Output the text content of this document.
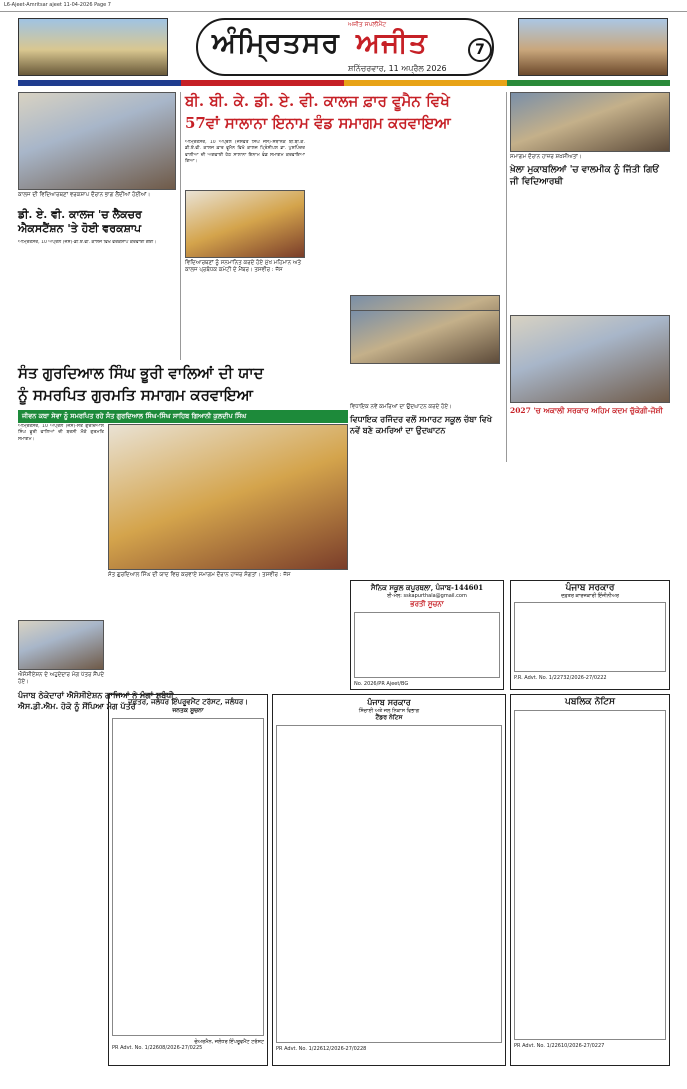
L6-Ajeet-Amritsar ajeet 11-04-2026 Page 7
ਅੰਮ੍ਰਿਤਸਰ
ਅਜੀਤ ਸਪਲੀਮੈਂਟ
ਅਜੀਤ
ਸ਼ਨਿੱਚਰਵਾਰ, 11 ਅਪ੍ਰੈਲ 2026
7
ਕਾਲਜ ਦੀ ਵਿਦਿਆਰਥਣਾਂ ਵਰਕਸ਼ਾਪ ਦੌਰਾਨ ਭਾਗ ਲੈਂਦੀਆਂ ਹੋਈਆਂ।
ਡੀ. ਏ. ਵੀ. ਕਾਲਜ 'ਚ ਲੈਕਚਰ ਐਕਸਟੈਂਸ਼ਨ 'ਤੇ ਹੋਈ ਵਰਕਸ਼ਾਪ
ਅੰਮ੍ਰਿਤਸਰ, 10 ਅਪ੍ਰੈਲ (ਜੱਸ)-ਡੀ.ਏ.ਵੀ. ਕਾਲਜ ਵਿਖੇ ਵਰਕਸ਼ਾਪ ਕਰਵਾਈ ਗਈ।
ਬੀ. ਬੀ. ਕੇ. ਡੀ. ਏ. ਵੀ. ਕਾਲਜ ਫ਼ਾਰ ਵੂਮੈਨ ਵਿਖੇ
57ਵਾਂ ਸਾਲਾਨਾ ਇਨਾਮ ਵੰਡ ਸਮਾਗਮ ਕਰਵਾਇਆ
ਅੰਮ੍ਰਿਤਸਰ, 10 ਅਪ੍ਰੈਲ (ਜਸਵੰਤ ਸਿੰਘ ਜੱਸ)-ਸਥਾਨਕ ਬੀ.ਬੀ.ਕੇ. ਡੀ.ਏ.ਵੀ. ਕਾਲਜ ਫ਼ਾਰ ਵੂਮੈਨ ਵਿਖੇ ਕਾਲਜ ਪ੍ਰਿੰਸੀਪਲ ਡਾ. ਪੁਸ਼ਪਿੰਦਰ ਵਾਲੀਆ ਦੀ ਅਗਵਾਈ ਹੇਠ ਸਾਲਾਨਾ ਇਨਾਮ ਵੰਡ ਸਮਾਗਮ ਕਰਵਾਇਆ ਗਿਆ।
ਵਿਦਿਆਰਥਣਾਂ ਨੂੰ ਸਨਮਾਨਿਤ ਕਰਦੇ ਹੋਏ ਮੁੱਖ ਮਹਿਮਾਨ ਅਤੇ ਕਾਲਜ ਪ੍ਰਬੰਧਕ ਕਮੇਟੀ ਦੇ ਮੈਂਬਰ। ਤਸਵੀਰ : ਜੱਸ
ਸਮਾਗਮ ਦੌਰਾਨ ਹਾਜ਼ਰ ਸ਼ਖ਼ਸੀਅਤਾਂ।
ਖ਼ੇਲਾ ਮੁਕਾਬਲਿਆਂ 'ਚ ਵਾਲਮੀਕ ਨੂੰ ਜਿੱਤੀ ਗਿਓਂ ਜੀ ਵਿਦਿਆਰਥੀ
2027 'ਚ ਅਕਾਲੀ ਸਰਕਾਰ ਅਹਿਮ ਕਦਮ ਚੁੱਕੇਗੀ-ਜੋਸ਼ੀ
ਸੰਤ ਗੁਰਦਿਆਲ ਸਿੰਘ ਭੂਰੀ ਵਾਲਿਆਂ ਦੀ ਯਾਦ
ਨੂੰ ਸਮਰਪਿਤ ਗੁਰਮਤਿ ਸਮਾਗਮ ਕਰਵਾਇਆ
ਜੀਵਨ ਕਥਾ ਸੇਵਾ ਨੂੰ ਸਮਰਪਿਤ ਰਹੇ ਸੰਤ ਗੁਰਦਿਆਲ ਸਿੰਘ-ਸਿੰਘ ਸਾਹਿਬ ਗਿਆਨੀ ਕੁਲਦੀਪ ਸਿੰਘ
ਅੰਮ੍ਰਿਤਸਰ, 10 ਅਪ੍ਰੈਲ (ਜੱਸ)-ਸੰਤ ਗੁਰਦਿਆਲ ਸਿੰਘ ਭੂਰੀ ਵਾਲਿਆਂ ਦੀ ਬਰਸੀ ਮੌਕੇ ਗੁਰਮਤਿ ਸਮਾਗਮ।
ਸੰਤ ਗੁਰਦਿਆਲ ਸਿੰਘ ਦੀ ਯਾਦ ਵਿਚ ਕਰਵਾਏ ਸਮਾਗਮ ਦੌਰਾਨ ਹਾਜ਼ਰ ਸੰਗਤਾਂ। ਤਸਵੀਰ : ਜੱਸ
ਵਿਧਾਇਕ ਨਵੇਂ ਕਮਰਿਆਂ ਦਾ ਉਦਘਾਟਨ ਕਰਦੇ ਹੋਏ।
ਵਿਧਾਇਕ ਰਜਿੰਦਰ ਵਲੋਂ ਸਮਾਰਟ ਸਕੂਲ ਚੱਬਾ ਵਿਖੇ ਨਵੇਂ ਬਣੇ ਕਮਰਿਆਂ ਦਾ ਉਦਘਾਟਨ
ਐਸੋਸੀਏਸ਼ਨ ਦੇ ਅਹੁਦੇਦਾਰ ਮੰਗ ਪੱਤਰ ਸੌਂਪਦੇ ਹੋਏ।
ਪੰਜਾਬ ਠੇਕੇਦਾਰਾਂ ਐਸੋਸੀਏਸ਼ਨ ਗਾਜਿਆਂ ਨੇ ਮੰਗਾਂ ਸਬੰਧੀ ਐਸ.ਡੀ.ਐਮ. ਹੋਕੋ ਨੂੰ ਸੌਂਪਿਆ ਮੰਗ ਪੱਤਰ
ਸੈਨਿਕ ਸਕੂਲ ਕਪੂਰਥਲਾ, ਪੰਜਾਬ-144601
ਈ-ਮੇਲ: sskapurthala@gmail.com
ਭਰਤੀ ਸੂਚਨਾ
No. 2026/PR Ajeet/BG
ਪੰਜਾਬ ਸਰਕਾਰ
ਦਫ਼ਤਰ ਕਾਰਜਕਾਰੀ ਇੰਜੀਨੀਅਰ
P.R. Advt. No. 1/22732/2026-27/0222
ਪਬਲਿਕ ਨੋਟਿਸ
PR Advt. No. 1/22610/2026-27/0227
ਦਫ਼ਤਰ, ਜਲੰਧਰ ਇੰਪਰੂਵਮੈਂਟ ਟਰੱਸਟ, ਜਲੰਧਰ।
ਜਨਤਕ ਸੂਚਨਾ
ਚੇਅਰਮੈਨ, ਜਲੰਧਰ ਇੰਪਰੂਵਮੈਂਟ ਟਰੱਸਟ
PR Advt. No. 1/22608/2026-27/0225
ਪੰਜਾਬ ਸਰਕਾਰ
ਸਿੰਚਾਈ ਅਤੇ ਜਲ ਨਿਕਾਸ ਵਿਭਾਗ
ਟੈਂਡਰ ਨੋਟਿਸ
PR Advt. No. 1/22612/2026-27/0228
